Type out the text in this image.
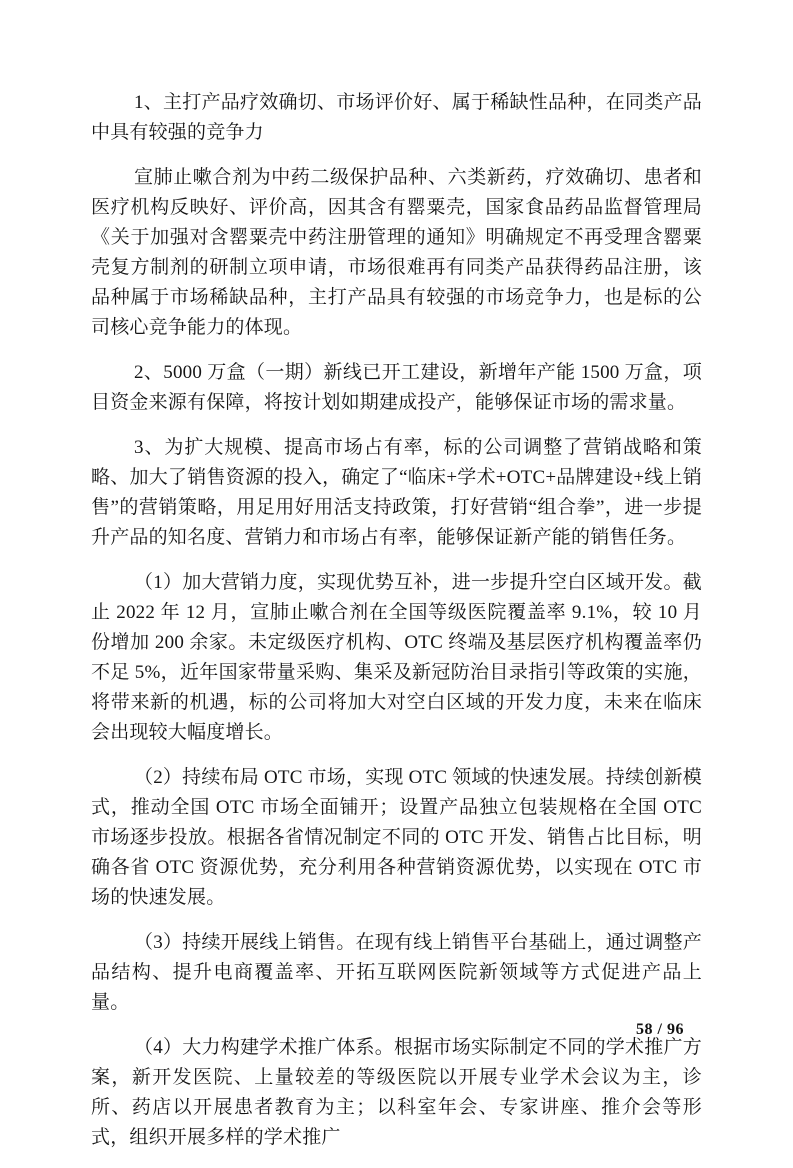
1、主打产品疗效确切、市场评价好、属于稀缺性品种，在同类产品中具有较强的竞争力

宣肺止嗽合剂为中药二级保护品种、六类新药，疗效确切、患者和医疗机构反映好、评价高，因其含有罂粟壳，国家食品药品监督管理局《关于加强对含罂粟壳中药注册管理的通知》明确规定不再受理含罂粟壳复方制剂的研制立项申请，市场很难再有同类产品获得药品注册，该品种属于市场稀缺品种，主打产品具有较强的市场竞争力，也是标的公司核心竞争能力的体现。

2、5000 万盒（一期）新线已开工建设，新增年产能 1500 万盒，项目资金来源有保障，将按计划如期建成投产，能够保证市场的需求量。

3、为扩大规模、提高市场占有率，标的公司调整了营销战略和策略、加大了销售资源的投入，确定了“临床+学术+OTC+品牌建设+线上销售”的营销策略，用足用好用活支持政策，打好营销“组合拳”，进一步提升产品的知名度、营销力和市场占有率，能够保证新产能的销售任务。

（1）加大营销力度，实现优势互补，进一步提升空白区域开发。截止 2022 年 12 月，宣肺止嗽合剂在全国等级医院覆盖率 9.1%，较 10 月份增加 200 余家。未定级医疗机构、OTC 终端及基层医疗机构覆盖率仍不足 5%，近年国家带量采购、集采及新冠防治目录指引等政策的实施，将带来新的机遇，标的公司将加大对空白区域的开发力度，未来在临床会出现较大幅度增长。

（2）持续布局 OTC 市场，实现 OTC 领域的快速发展。持续创新模式，推动全国 OTC 市场全面铺开；设置产品独立包装规格在全国 OTC 市场逐步投放。根据各省情况制定不同的 OTC 开发、销售占比目标，明确各省 OTC 资源优势，充分利用各种营销资源优势，以实现在 OTC 市场的快速发展。

（3）持续开展线上销售。在现有线上销售平台基础上，通过调整产品结构、提升电商覆盖率、开拓互联网医院新领域等方式促进产品上量。

（4）大力构建学术推广体系。根据市场实际制定不同的学术推广方案，新开发医院、上量较差的等级医院以开展专业学术会议为主，诊所、药店以开展患者教育为主；以科室年会、专家讲座、推介会等形式，组织开展多样的学术推广

58 / 96
